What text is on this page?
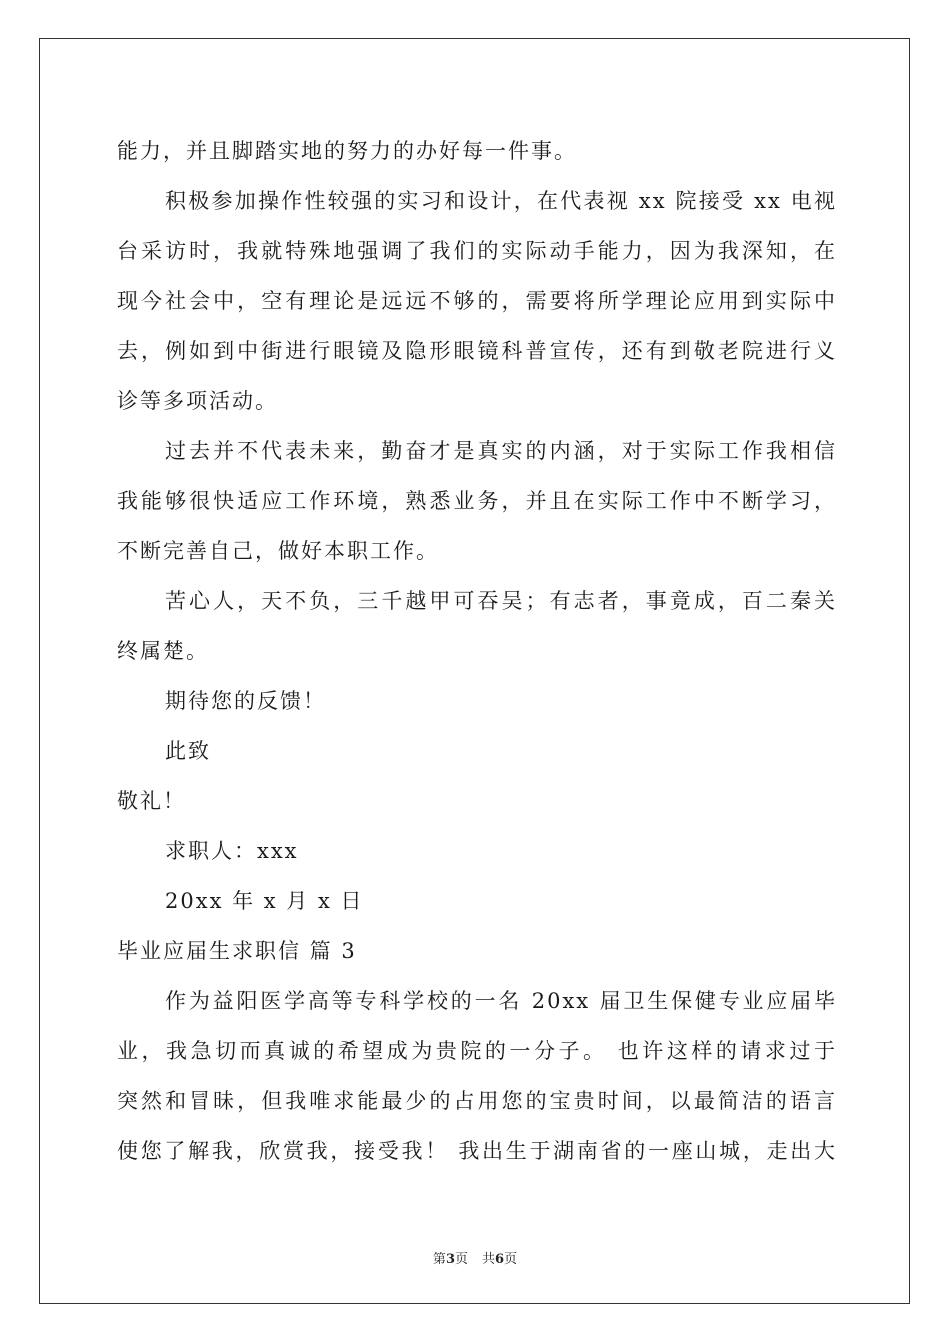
能力，并且脚踏实地的努力的办好每一件事。
积极参加操作性较强的实习和设计，在代表视 xx 院接受 xx 电视
台采访时，我就特殊地强调了我们的实际动手能力，因为我深知，在
现今社会中，空有理论是远远不够的，需要将所学理论应用到实际中
去，例如到中街进行眼镜及隐形眼镜科普宣传，还有到敬老院进行义
诊等多项活动。
过去并不代表未来，勤奋才是真实的内涵，对于实际工作我相信
我能够很快适应工作环境，熟悉业务，并且在实际工作中不断学习，
不断完善自己，做好本职工作。
苦心人，天不负，三千越甲可吞吴；有志者，事竟成，百二秦关
终属楚。
期待您的反馈！
此致
敬礼！
求职人：xxx
20xx 年 x 月 x 日
毕业应届生求职信 篇 3
作为益阳医学高等专科学校的一名 20xx 届卫生保健专业应届毕
业，我急切而真诚的希望成为贵院的一分子。 也许这样的请求过于
突然和冒昧，但我唯求能最少的占用您的宝贵时间，以最简洁的语言
使您了解我，欣赏我，接受我！ 我出生于湖南省的一座山城，走出大
第3页 共6页
